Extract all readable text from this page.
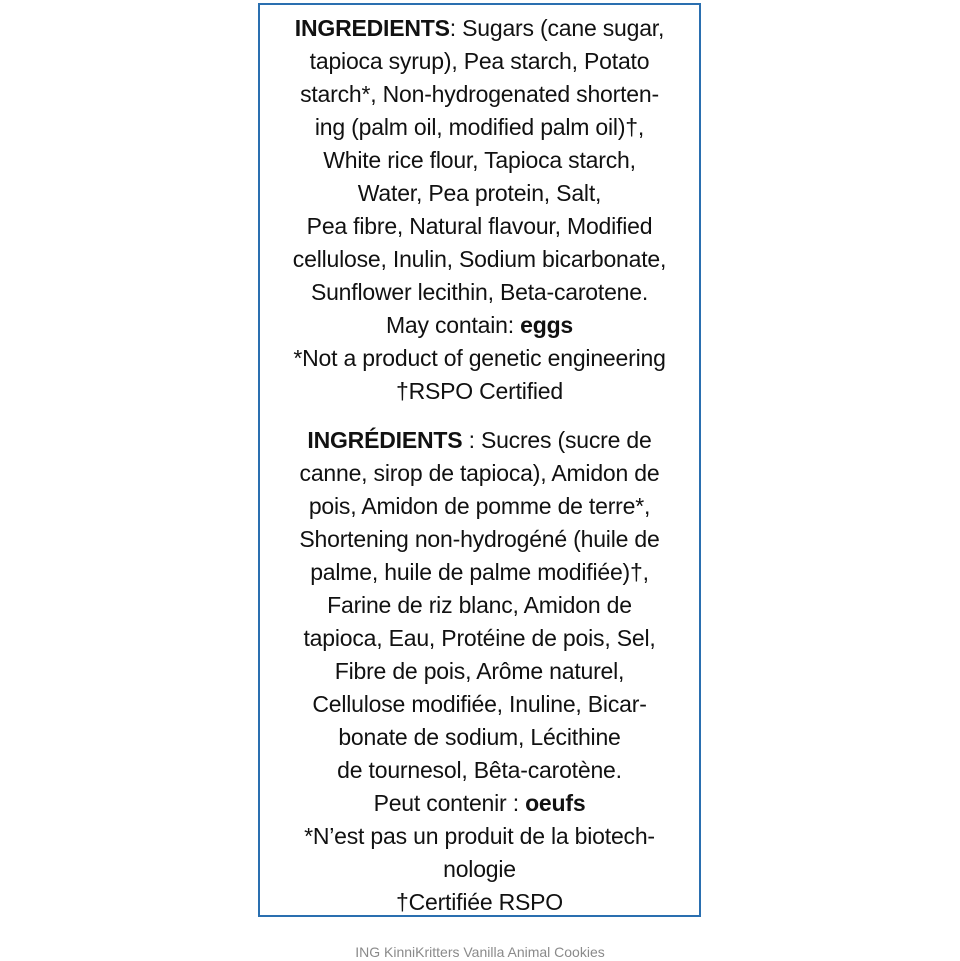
INGREDIENTS: Sugars (cane sugar,
tapioca syrup), Pea starch, Potato
starch*, Non-hydrogenated shorten-
ing (palm oil, modified palm oil)†,
White rice flour, Tapioca starch,
Water, Pea protein, Salt,
Pea fibre, Natural flavour, Modified
cellulose, Inulin, Sodium bicarbonate,
Sunflower lecithin, Beta-carotene.
May contain: eggs
*Not a product of genetic engineering
†RSPO Certified
INGRÉDIENTS : Sucres (sucre de
canne, sirop de tapioca), Amidon de
pois, Amidon de pomme de terre*,
Shortening non-hydrogéné (huile de
palme, huile de palme modifiée)†,
Farine de riz blanc, Amidon de
tapioca, Eau, Protéine de pois, Sel,
Fibre de pois, Arôme naturel,
Cellulose modifiée, Inuline, Bicar-
bonate de sodium, Lécithine
de tournesol, Bêta-carotène.
Peut contenir : oeufs
*N’est pas un produit de la biotech-
nologie
†Certifiée RSPO
ING KinniKritters Vanilla Animal Cookies
